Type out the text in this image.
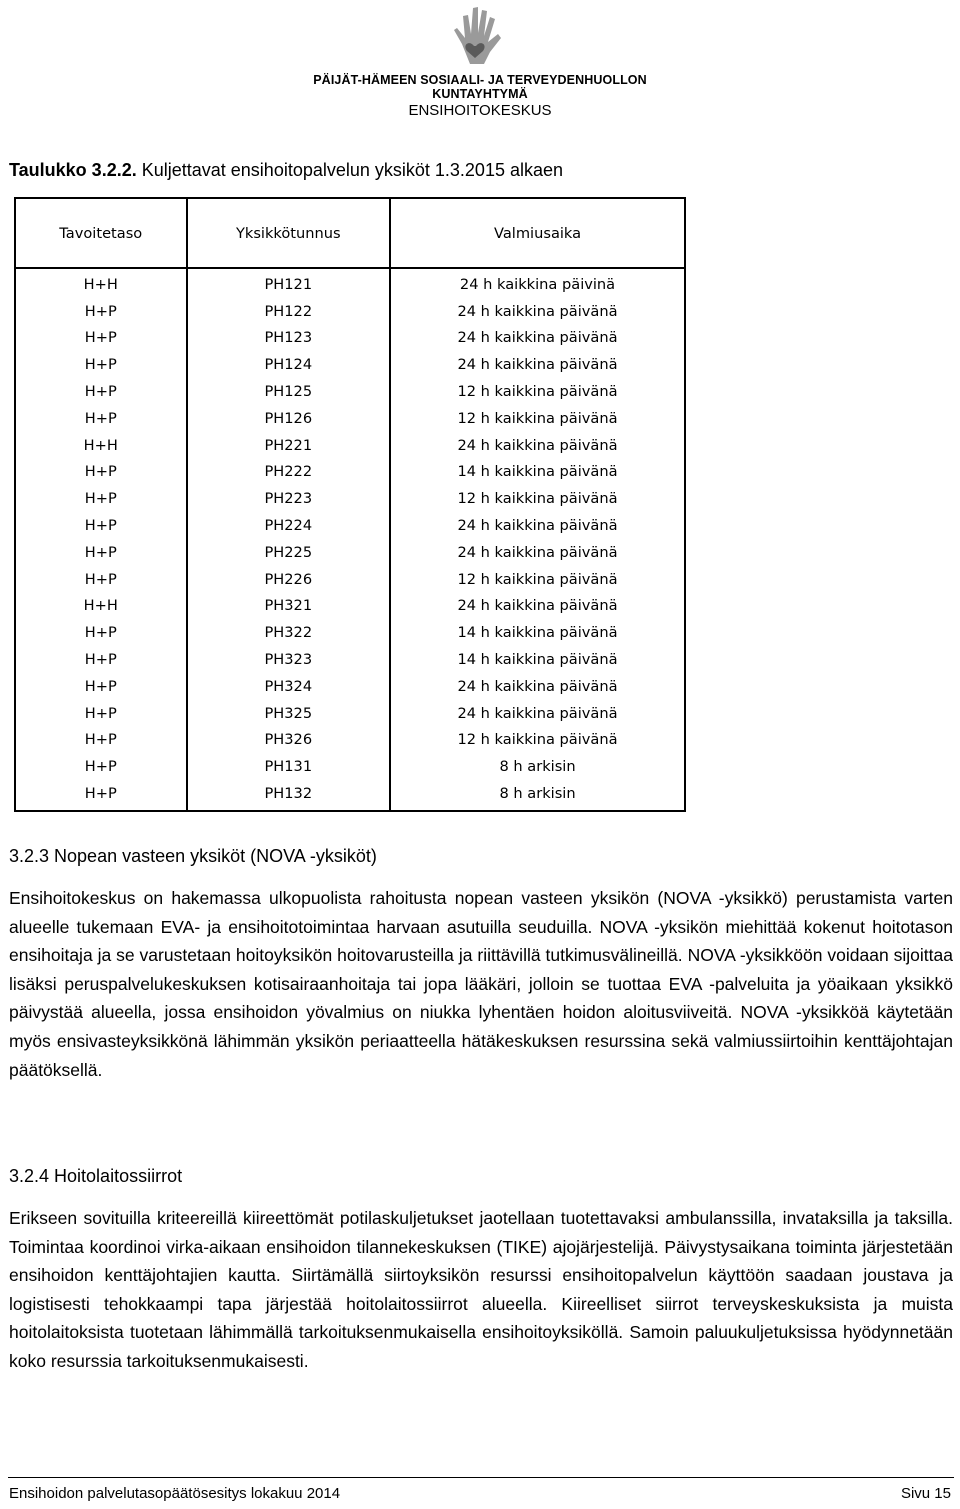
PÄIJÄT-HÄMEEN SOSIAALI- JA TERVEYDENHUOLLON KUNTAYHTYMÄ
ENSIHOITOKESKUS
Taulukko 3.2.2. Kuljettavat ensihoitopalvelun yksiköt 1.3.2015 alkaen
Tavoitetaso	Yksikkötunnus	Valmiusaika
H+H	PH121	24 h kaikkina päivinä
H+P	PH122	24 h kaikkina päivänä
H+P	PH123	24 h kaikkina päivänä
H+P	PH124	24 h kaikkina päivänä
H+P	PH125	12 h kaikkina päivänä
H+P	PH126	12 h kaikkina päivänä
H+H	PH221	24 h kaikkina päivänä
H+P	PH222	14 h kaikkina päivänä
H+P	PH223	12 h kaikkina päivänä
H+P	PH224	24 h kaikkina päivänä
H+P	PH225	24 h kaikkina päivänä
H+P	PH226	12 h kaikkina päivänä
H+H	PH321	24 h kaikkina päivänä
H+P	PH322	14 h kaikkina päivänä
H+P	PH323	14 h kaikkina päivänä
H+P	PH324	24 h kaikkina päivänä
H+P	PH325	24 h kaikkina päivänä
H+P	PH326	12 h kaikkina päivänä
H+P	PH131	8 h arkisin
H+P	PH132	8 h arkisin
3.2.3 Nopean vasteen yksiköt (NOVA -yksiköt)
Ensihoitokeskus on hakemassa ulkopuolista rahoitusta nopean vasteen yksikön (NOVA -yksikkö) perustamista varten alueelle tukemaan EVA- ja ensihoitotoimintaa harvaan asutuilla seuduilla. NOVA -yksikön miehittää kokenut hoitotason ensihoitaja ja se varustetaan hoitoyksikön hoitovarusteilla ja riittävillä tutkimusvälineillä. NOVA -yksikköön voidaan sijoittaa lisäksi peruspalvelukeskuksen kotisairaanhoitaja tai jopa lääkäri, jolloin se tuottaa EVA -palveluita ja yöaikaan yksikkö päivystää alueella, jossa ensihoidon yövalmius on niukka lyhentäen hoidon aloitusviiveitä. NOVA -yksikköä käytetään myös ensivasteyksikkönä lähimmän yksikön periaatteella hätäkeskuksen resurssina sekä valmiussiirtoihin kenttäjohtajan päätöksellä.
3.2.4 Hoitolaitossiirrot
Erikseen sovituilla kriteereillä kiireettömät potilaskuljetukset jaotellaan tuotettavaksi ambulanssilla, invataksilla ja taksilla. Toimintaa koordinoi virka-aikaan ensihoidon tilannekeskuksen (TIKE) ajojärjestelijä. Päivystysaikana toiminta järjestetään ensihoidon kenttäjohtajien kautta. Siirtämällä siirtoyksikön resurssi ensihoitopalvelun käyttöön saadaan joustava ja logistisesti tehokkaampi tapa järjestää hoitolaitossiirrot alueella. Kiireelliset siirrot terveyskeskuksista ja muista hoitolaitoksista tuotetaan lähimmällä tarkoituksenmukaisella ensihoitoyksiköllä. Samoin paluukuljetuksissa hyödynnetään koko resurssia tarkoituksenmukaisesti.
Ensihoidon palvelutasopäätösesitys lokakuu 2014	Sivu 15
